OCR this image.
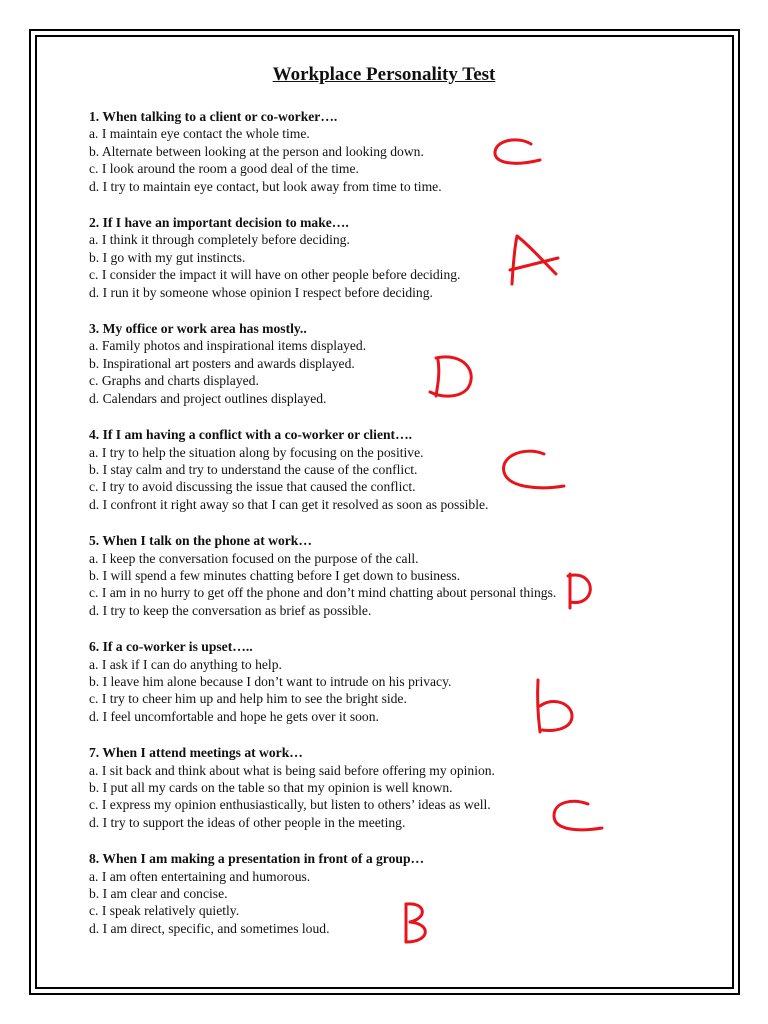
Workplace Personality Test
1. When talking to a client or co-worker….
a. I maintain eye contact the whole time.
b. Alternate between looking at the person and looking down.
c. I look around the room a good deal of the time.
d. I try to maintain eye contact, but look away from time to time.
2. If I have an important decision to make….
a. I think it through completely before deciding.
b. I go with my gut instincts.
c. I consider the impact it will have on other people before deciding.
d. I run it by someone whose opinion I respect before deciding.
3. My office or work area has mostly..
a. Family photos and inspirational items displayed.
b. Inspirational art posters and awards displayed.
c. Graphs and charts displayed.
d. Calendars and project outlines displayed.
4. If I am having a conflict with a co-worker or client….
a. I try to help the situation along by focusing on the positive.
b. I stay calm and try to understand the cause of the conflict.
c. I try to avoid discussing the issue that caused the conflict.
d. I confront it right away so that I can get it resolved as soon as possible.
5. When I talk on the phone at work…
a. I keep the conversation focused on the purpose of the call.
b. I will spend a few minutes chatting before I get down to business.
c. I am in no hurry to get off the phone and don’t mind chatting about personal things.
d. I try to keep the conversation as brief as possible.
6. If a co-worker is upset…..
a. I ask if I can do anything to help.
b. I leave him alone because I don’t want to intrude on his privacy.
c. I try to cheer him up and help him to see the bright side.
d. I feel uncomfortable and hope he gets over it soon.
7. When I attend meetings at work…
a. I sit back and think about what is being said before offering my opinion.
b. I put all my cards on the table so that my opinion is well known.
c. I express my opinion enthusiastically, but listen to others’ ideas as well.
d. I try to support the ideas of other people in the meeting.
8. When I am making a presentation in front of a group…
a. I am often entertaining and humorous.
b. I am clear and concise.
c. I speak relatively quietly.
d. I am direct, specific, and sometimes loud.
